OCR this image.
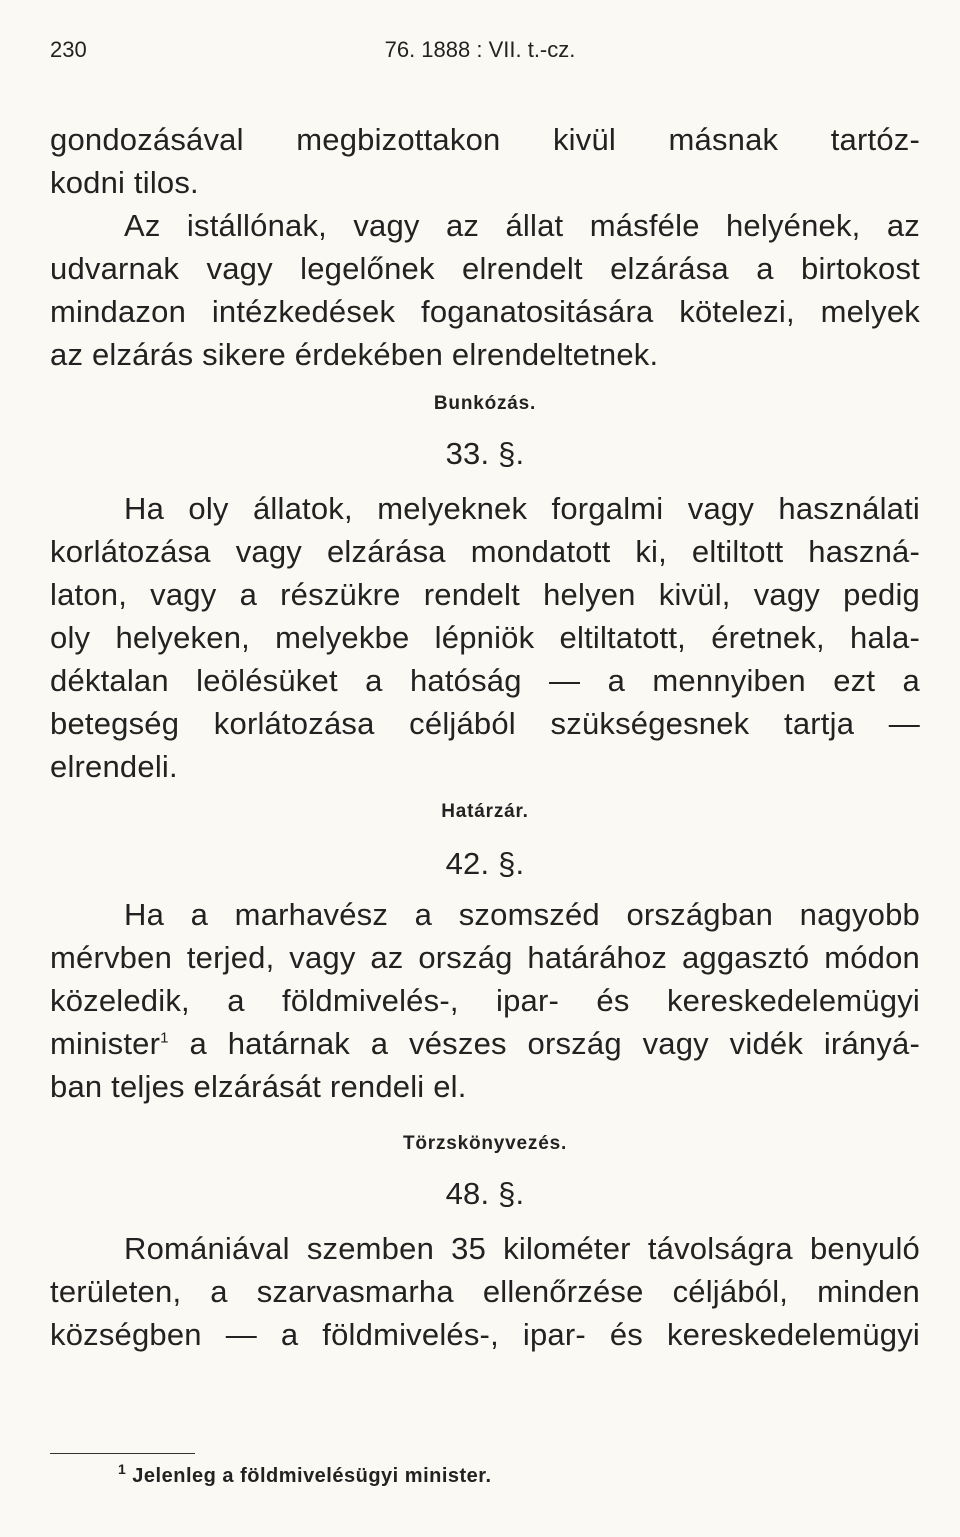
230	76. 1888 : VII. t.-cz.
gondozásával megbizottakon kivül másnak tartóz-
kodni tilos.
Az istállónak, vagy az állat másféle helyének, az
udvarnak vagy legelőnek elrendelt elzárása a birtokost
mindazon intézkedések foganatositására kötelezi, melyek
az elzárás sikere érdekében elrendeltetnek.
Bunkózás.
33. §.
Ha oly állatok, melyeknek forgalmi vagy használati
korlátozása vagy elzárása mondatott ki, eltiltott haszná-
laton, vagy a részükre rendelt helyen kivül, vagy pedig
oly helyeken, melyekbe lépniök eltiltatott, éretnek, hala-
déktalan leölésüket a hatóság — a mennyiben ezt a
betegség korlátozása céljából szükségesnek tartja —
elrendeli.
Határzár.
42. §.
Ha a marhavész a szomszéd országban nagyobb
mérvben terjed, vagy az ország határához aggasztó módon
közeledik, a földmivelés-, ipar- és kereskedelemügyi
minister$^1$ a határnak a vészes ország vagy vidék irányá-
ban teljes elzárását rendeli el.
Törzskönyvezés.
48. §.
Romániával szemben 35 kilométer távolságra benyuló
területen, a szarvasmarha ellenőrzése céljából, minden
községben — a földmivelés-, ipar- és kereskedelemügyi
$^1$ Jelenleg a földmivelésügyi minister.
